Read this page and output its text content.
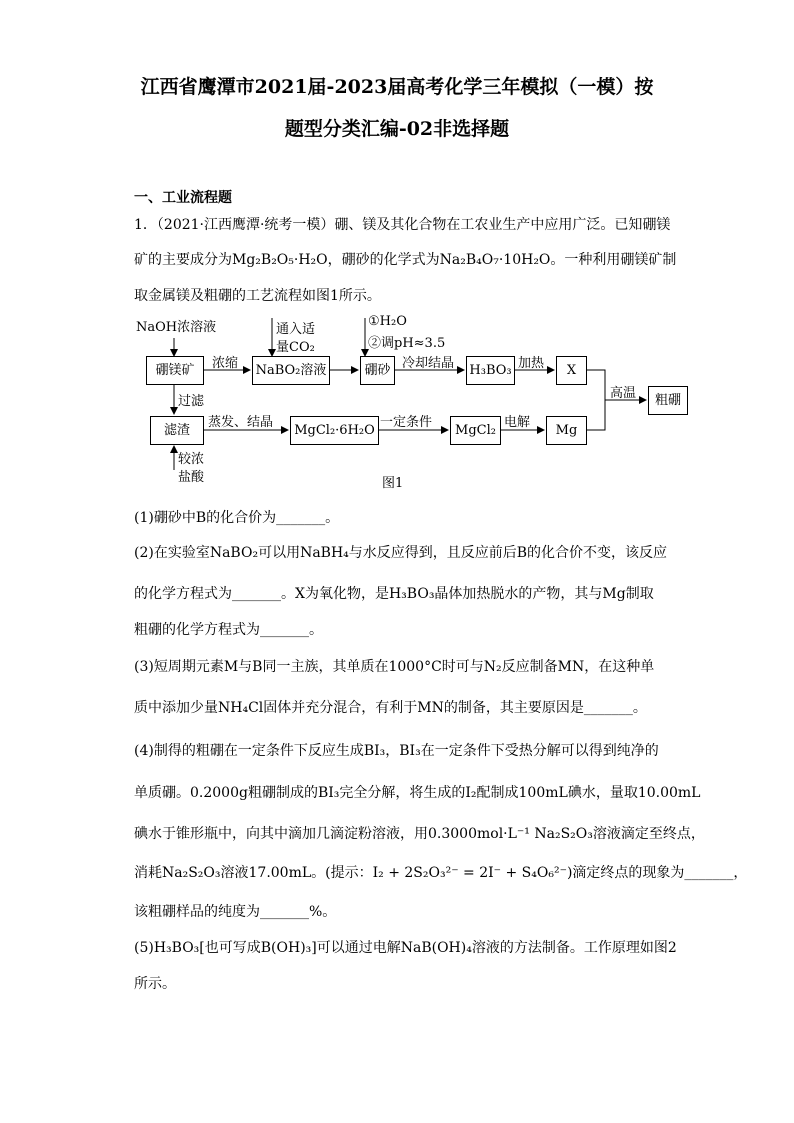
江西省鹰潭市2021届-2023届高考化学三年模拟（一模）按
题型分类汇编-02非选择题
一、工业流程题
1．（2021·江西鹰潭·统考一模）硼、镁及其化合物在工农业生产中应用广泛。已知硼镁
矿的主要成分为Mg₂B₂O₅·H₂O，硼砂的化学式为Na₂B₄O₇·10H₂O。一种利用硼镁矿制
取金属镁及粗硼的工艺流程如图1所示。
硼镁矿	NaBO₂溶液	硼砂	H₃BO₃	X
粗硼
滤渣	MgCl₂·6H₂O	MgCl₂	Mg
NaOH浓溶液	通入适
量CO₂
①H₂O
②调pH≈3.5
浓缩	冷却结晶	加热
高温
过滤
蒸发、结晶	一定条件	电解
较浓
盐酸	图1
(1)硼砂中B的化合价为_______。
(2)在实验室NaBO₂可以用NaBH₄与水反应得到，且反应前后B的化合价不变，该反应
的化学方程式为_______。X为氧化物，是H₃BO₃晶体加热脱水的产物，其与Mg制取
粗硼的化学方程式为_______。
(3)短周期元素M与B同一主族，其单质在1000°C时可与N₂反应制备MN，在这种单
质中添加少量NH₄Cl固体并充分混合，有利于MN的制备，其主要原因是_______。
(4)制得的粗硼在一定条件下反应生成BI₃，BI₃在一定条件下受热分解可以得到纯净的
单质硼。0.2000g粗硼制成的BI₃完全分解，将生成的I₂配制成100mL碘水，量取10.00mL
碘水于锥形瓶中，向其中滴加几滴淀粉溶液，用0.3000mol·L⁻¹ Na₂S₂O₃溶液滴定至终点，
消耗Na₂S₂O₃溶液17.00mL。(提示：I₂ + 2S₂O₃²⁻ = 2I⁻ + S₄O₆²⁻)滴定终点的现象为_______，
该粗硼样品的纯度为_______%。
(5)H₃BO₃[也可写成B(OH)₃]可以通过电解NaB(OH)₄溶液的方法制备。工作原理如图2
所示。
